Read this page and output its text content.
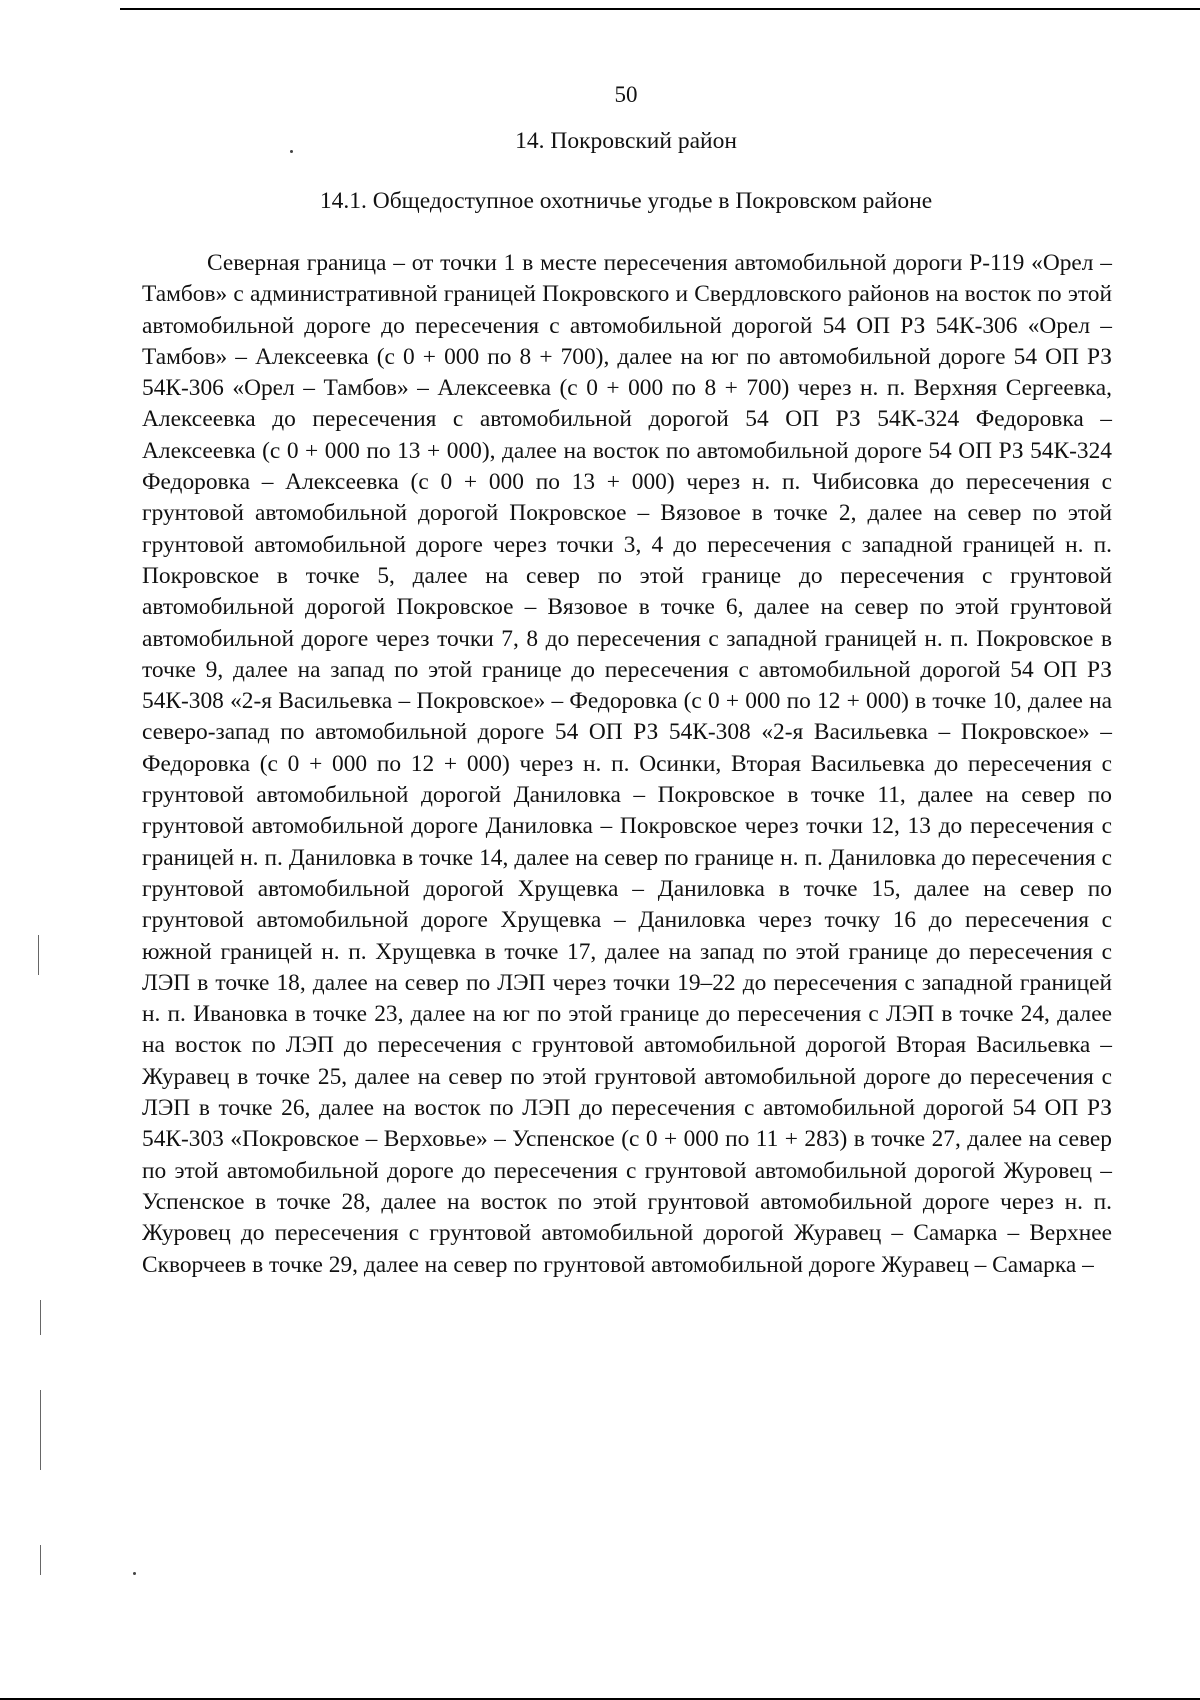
50
14. Покровский район
14.1. Общедоступное охотничье угодье в Покровском районе
Северная граница – от точки 1 в месте пересечения автомобильной дороги Р-119 «Орел – Тамбов» с административной границей Покровского и Свердловского районов на восток по этой автомобильной дороге до пересечения с автомобильной дорогой 54 ОП РЗ 54К-306 «Орел – Тамбов» – Алексеевка (с 0 + 000 по 8 + 700), далее на юг по автомобильной дороге 54 ОП РЗ 54К-306 «Орел – Тамбов» – Алексеевка (с 0 + 000 по 8 + 700) через н. п. Верхняя Сергеевка, Алексеевка до пересечения с автомобильной дорогой 54 ОП РЗ 54К-324 Федоровка – Алексеевка (с 0 + 000 по 13 + 000), далее на восток по автомобильной дороге 54 ОП РЗ 54К-324 Федоровка – Алексеевка (с 0 + 000 по 13 + 000) через н. п. Чибисовка до пересечения с грунтовой автомобильной дорогой Покровское – Вязовое в точке 2, далее на север по этой грунтовой автомобильной дороге через точки 3, 4 до пересечения с западной границей н. п. Покровское в точке 5, далее на север по этой границе до пересечения с грунтовой автомобильной дорогой Покровское – Вязовое в точке 6, далее на север по этой грунтовой автомобильной дороге через точки 7, 8 до пересечения с западной границей н. п. Покровское в точке 9, далее на запад по этой границе до пересечения с автомобильной дорогой 54 ОП РЗ 54К-308 «2-я Васильевка – Покровское» – Федоровка (с 0 + 000 по 12 + 000) в точке 10, далее на северо-запад по автомобильной дороге 54 ОП РЗ 54К-308 «2-я Васильевка – Покровское» – Федоровка (с 0 + 000 по 12 + 000) через н. п. Осинки, Вторая Васильевка до пересечения с грунтовой автомобильной дорогой Даниловка – Покровское в точке 11, далее на север по грунтовой автомобильной дороге Даниловка – Покровское через точки 12, 13 до пересечения с границей н. п. Даниловка в точке 14, далее на север по границе н. п. Даниловка до пересечения с грунтовой автомобильной дорогой Хрущевка – Даниловка в точке 15, далее на север по грунтовой автомобильной дороге Хрущевка – Даниловка через точку 16 до пересечения с южной границей н. п. Хрущевка в точке 17, далее на запад по этой границе до пересечения с ЛЭП в точке 18, далее на север по ЛЭП через точки 19–22 до пересечения с западной границей н. п. Ивановка в точке 23, далее на юг по этой границе до пересечения с ЛЭП в точке 24, далее на восток по ЛЭП до пересечения с грунтовой автомобильной дорогой Вторая Васильевка – Журавец в точке 25, далее на север по этой грунтовой автомобильной дороге до пересечения с ЛЭП в точке 26, далее на восток по ЛЭП до пересечения с автомобильной дорогой 54 ОП РЗ 54К-303 «Покровское – Верховье» – Успенское (с 0 + 000 по 11 + 283) в точке 27, далее на север по этой автомобильной дороге до пересечения с грунтовой автомобильной дорогой Журовец – Успенское в точке 28, далее на восток по этой грунтовой автомобильной дороге через н. п. Журовец до пересечения с грунтовой автомобильной дорогой Журавец – Самарка – Верхнее Скворчеев в точке 29, далее на север по грунтовой автомобильной дороге Журавец – Самарка –
